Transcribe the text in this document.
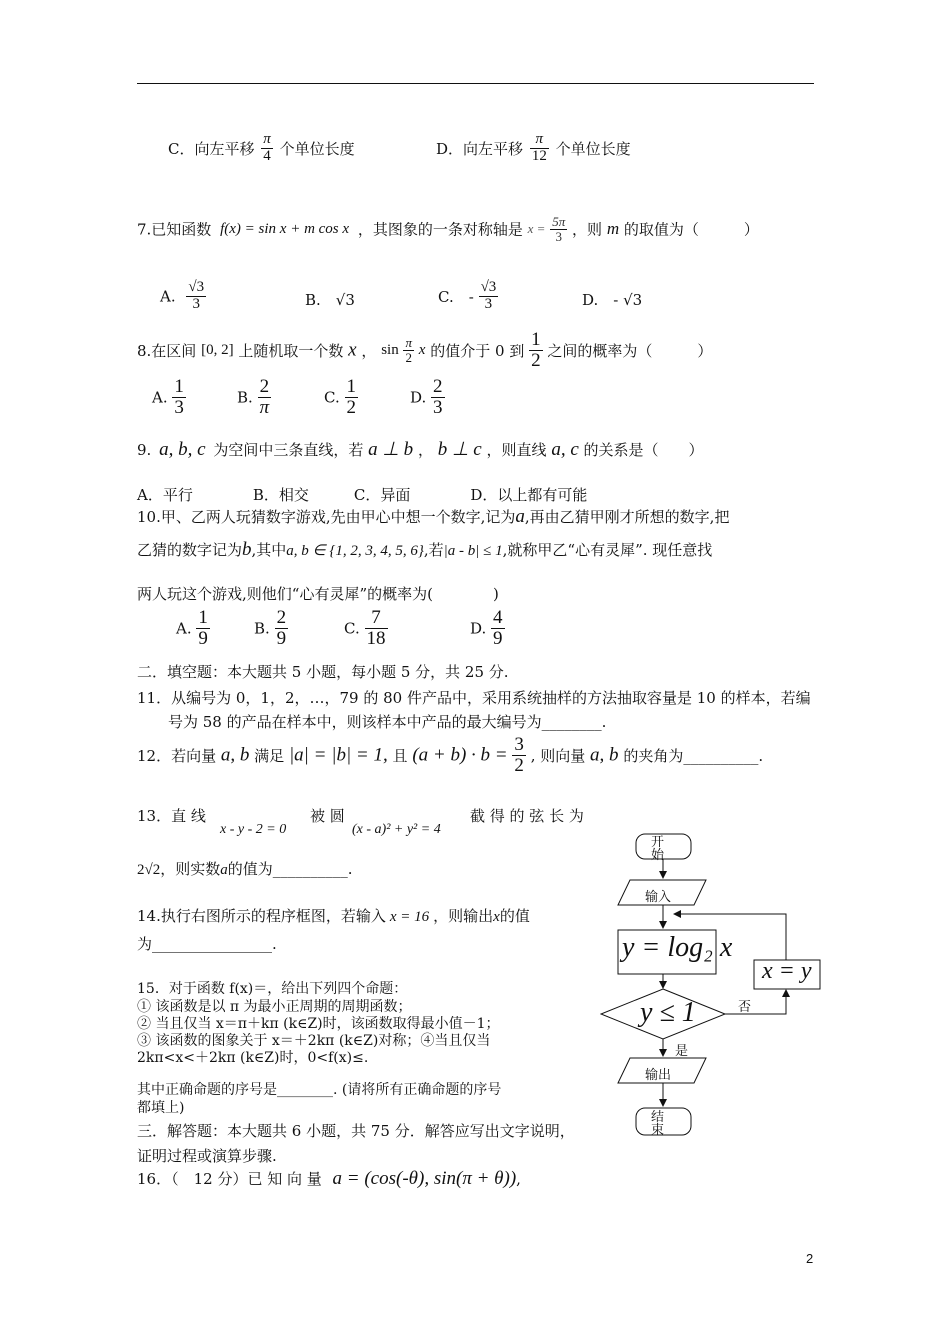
C．向左平移 $\frac{\pi}{4}$ 个单位长度	D．向左平移 $\frac{\pi}{12}$ 个单位长度
7.已知函数 f(x) = sin x + m cos x ，其图象的一条对称轴是 $x = \frac{5\pi}{3}$ ，则 m 的取值为（　　　）
A. $\frac{√3}{3}$	B.　√3	C.　- $\frac{√3}{3}$	D.　- √3
8.在区间 [0, 2] 上随机取一个数 x ， $\sin \frac{\pi}{2}$ x 的值介于 0 到 $\frac{1}{2}$ 之间的概率为（　　　）
A. $\frac{1}{3}$	B. $\frac{2}{\pi}$	C. $\frac{1}{2}$	D. $\frac{2}{3}$
9. a, b, c 为空间中三条直线，若 a ⊥ b ， b ⊥ c ，则直线 a, c 的关系是（　　）
A．平行　　　　B．相交　　　C．异面　　　　D．以上都有可能
10.甲、乙两人玩猜数字游戏,先由甲心中想一个数字,记为a,再由乙猜甲刚才所想的数字,把
乙猜的数字记为b,其中a, b ∈ {1, 2, 3, 4, 5, 6},若|a - b| ≤ 1,就称甲乙“心有灵犀”. 现任意找
两人玩这个游戏,则他们“心有灵犀”的概率为(　　　　)
A. $\frac{1}{9}$	B. $\frac{2}{9}$	C. $\frac{7}{18}$	D. $\frac{4}{9}$
二．填空题：本大题共 5 小题，每小题 5 分，共 25 分.
11．从编号为 0，1，2，…，79 的 80 件产品中，采用系统抽样的方法抽取容量是 10 的样本，若编
号为 58 的产品在样本中，则该样本中产品的最大编号为________.
12．若向量 a, b 满足 |a| = |b| = 1, 且 $(a + b) \cdot b = \frac{3}{2}$ , 则向量 a, b 的夹角为__________.
13．直 线
x - y - 2 = 0
被 圆
(x - a)² + y² = 4
截 得 的 弦 长 为
2√2，则实数a的值为__________.
14.执行右图所示的程序框图，若输入 x = 16 ，则输出x的值
为________________.
15．对于函数 f(x)＝，给出下列四个命题：
① 该函数是以 π 为最小正周期的周期函数；
② 当且仅当 x＝π＋kπ (k∈Z)时，该函数取得最小值－1；
③ 该函数的图象关于 x＝＋2kπ (k∈Z)对称；④当且仅当
2kπ<x<＋2kπ (k∈Z)时，0<f(x)≤.
其中正确命题的序号是________. (请将所有正确命题的序号
都填上)
三．解答题：本大题共 6 小题，共 75 分．解答应写出文字说明，
证明过程或演算步骤.
16．（　12 分）已 知 向 量 a = (cos(-θ), sin(π + θ)),
开始
输入
y = log₂ x
y ≤ 1	否
x = y
是
输出
结束
2
